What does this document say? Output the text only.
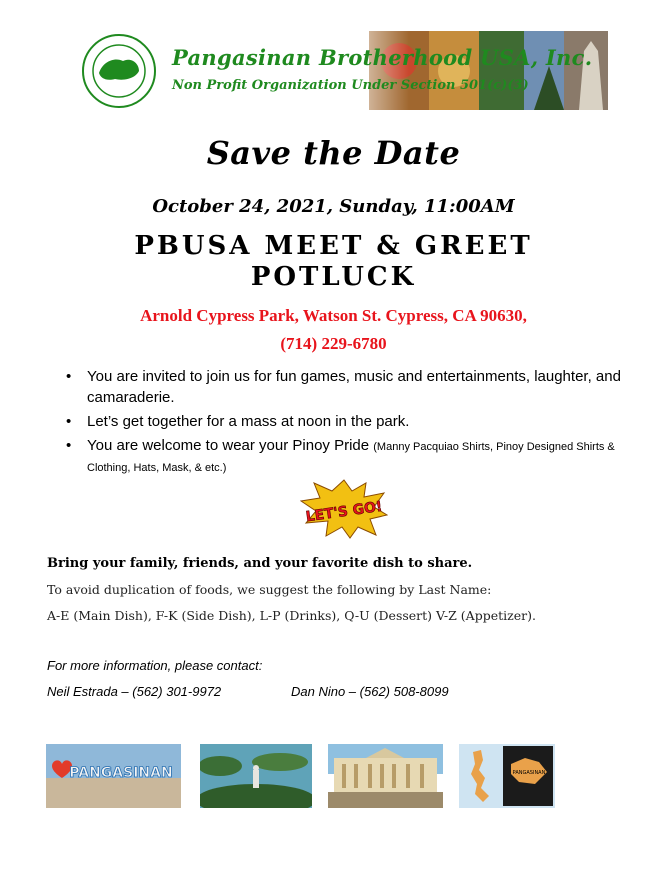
Pangasinan Brotherhood USA, Inc.
Non Profit Organization Under Section 501(c)(3)
Save the Date
October 24, 2021, Sunday, 11:00AM
PBUSA MEET & GREET
POTLUCK
Arnold Cypress Park, Watson St. Cypress, CA 90630,
(714) 229-6780
• You are invited to join us for fun games, music and entertainments, laughter, and camaraderie.
• Let’s get together for a mass at noon in the park.
• You are welcome to wear your Pinoy Pride (Manny Pacquiao Shirts, Pinoy Designed Shirts & Clothing, Hats, Mask, & etc.)
LET'S GO!
Bring your family, friends, and your favorite dish to share.
To avoid duplication of foods, we suggest the following by Last Name:
A-E (Main Dish), F-K (Side Dish), L-P (Drinks), Q-U (Dessert) V-Z (Appetizer).
For more information, please contact:
Neil Estrada – (562) 301-9972	Dan Nino – (562) 508-8099
PANGASINAN	PANGASINAN
